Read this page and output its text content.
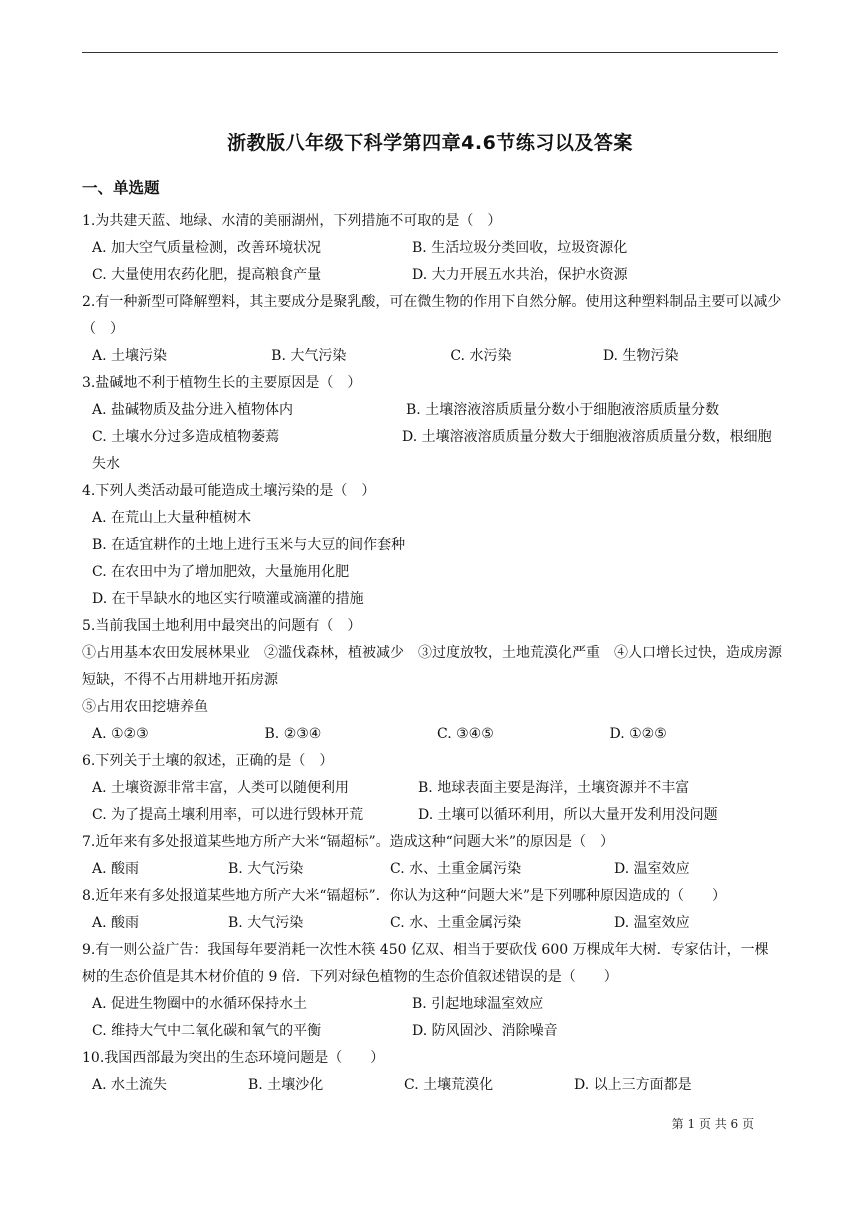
浙教版八年级下科学第四章4.6节练习以及答案
一、单选题
1.为共建天蓝、地绿、水清的美丽湖州，下列措施不可取的是（　）
A. 加大空气质量检测，改善环境状况	B. 生活垃圾分类回收，垃圾资源化
C. 大量使用农药化肥，提高粮食产量	D. 大力开展五水共治，保护水资源
2.有一种新型可降解塑料，其主要成分是聚乳酸，可在微生物的作用下自然分解。使用这种塑料制品主要可以减少（　）
A. 土壤污染	B. 大气污染	C. 水污染	D. 生物污染
3.盐碱地不利于植物生长的主要原因是（　）
A. 盐碱物质及盐分进入植物体内	B. 土壤溶液溶质质量分数小于细胞液溶质质量分数
C. 土壤水分过多造成植物萎蔫	D. 土壤溶液溶质质量分数大于细胞液溶质质量分数，根细胞失水
4.下列人类活动最可能造成土壤污染的是（　）
A. 在荒山上大量种植树木
B. 在适宜耕作的土地上进行玉米与大豆的间作套种
C. 在农田中为了增加肥效，大量施用化肥
D. 在干旱缺水的地区实行喷灌或滴灌的措施
5.当前我国土地利用中最突出的问题有（　）
①占用基本农田发展林果业　②滥伐森林，植被减少　③过度放牧，土地荒漠化严重　④人口增长过快，造成房源短缺，不得不占用耕地开拓房源
⑤占用农田挖塘养鱼
A. ①②③	B. ②③④	C. ③④⑤	D. ①②⑤
6.下列关于土壤的叙述，正确的是（　）
A. 土壤资源非常丰富，人类可以随便利用	B. 地球表面主要是海洋，土壤资源并不丰富
C. 为了提高土壤利用率，可以进行毁林开荒	D. 土壤可以循环利用，所以大量开发利用没问题
7.近年来有多处报道某些地方所产大米“镉超标”。造成这种“问题大米”的原因是（　）
A. 酸雨	B. 大气污染	C. 水、土重金属污染	D. 温室效应
8.近年来有多处报道某些地方所产大米“镉超标”．你认为这种“问题大米”是下列哪种原因造成的（　　）
A. 酸雨	B. 大气污染	C. 水、土重金属污染	D. 温室效应
9.有一则公益广告：我国每年要消耗一次性木筷 450 亿双、相当于要砍伐 600 万棵成年大树．专家估计，一棵树的生态价值是其木材价值的 9 倍．下列对绿色植物的生态价值叙述错误的是（　　）
A. 促进生物圈中的水循环保持水土	B. 引起地球温室效应
C. 维持大气中二氧化碳和氧气的平衡	D. 防风固沙、消除噪音
10.我国西部最为突出的生态环境问题是（　　）
A. 水土流失	B. 土壤沙化	C. 土壤荒漠化	D. 以上三方面都是
第 1 页 共 6 页
